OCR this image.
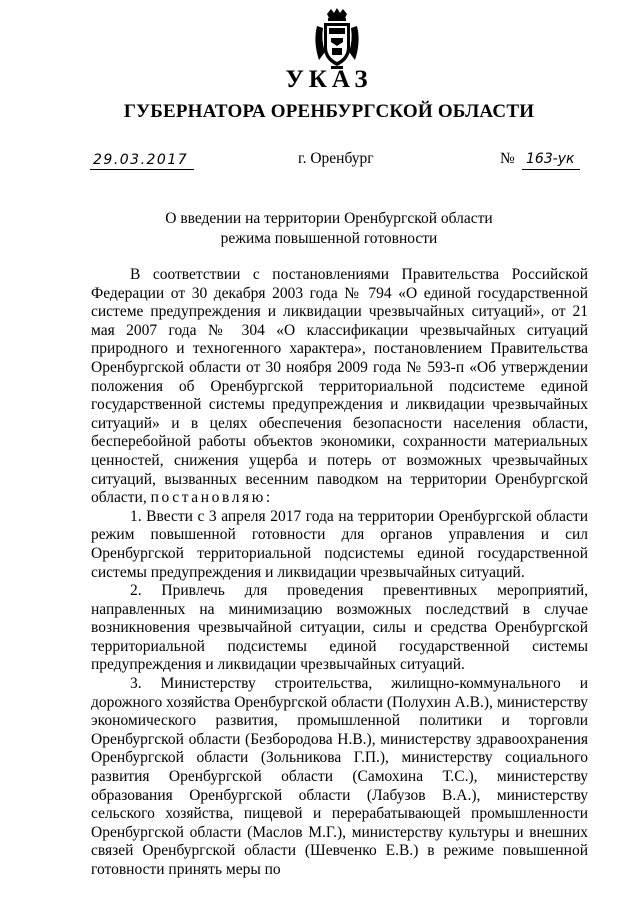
УКАЗ
ГУБЕРНАТОРА ОРЕНБУРГСКОЙ ОБЛАСТИ
29.03.2017	г. Оренбург	№ 163-ук
О введении на территории Оренбургской области
режима повышенной готовности

В соответствии с постановлениями Правительства Российской Федерации от 30 декабря 2003 года № 794 «О единой государственной системе предупреждения и ликвидации чрезвычайных ситуаций», от 21 мая 2007 года № 304 «О классификации чрезвычайных ситуаций природного и техногенного характера», постановлением Правительства Оренбургской области от 30 ноября 2009 года № 593-п «Об утверждении положения об Оренбургской территориальной подсистеме единой государственной системы предупреждения и ликвидации чрезвычайных ситуаций» и в целях обеспечения безопасности населения области, бесперебойной работы объектов экономики, сохранности материальных ценностей, снижения ущерба и потерь от возможных чрезвычайных ситуаций, вызванных весенним паводком на территории Оренбургской области, постановляю:

1. Ввести с 3 апреля 2017 года на территории Оренбургской области режим повышенной готовности для органов управления и сил Оренбургской территориальной подсистемы единой государственной системы предупреждения и ликвидации чрезвычайных ситуаций.

2. Привлечь для проведения превентивных мероприятий, направленных на минимизацию возможных последствий в случае возникновения чрезвычайной ситуации, силы и средства Оренбургской территориальной подсистемы единой государственной системы предупреждения и ликвидации чрезвычайных ситуаций.

3. Министерству строительства, жилищно-коммунального и дорожного хозяйства Оренбургской области (Полухин А.В.), министерству экономического развития, промышленной политики и торговли Оренбургской области (Безбородова Н.В.), министерству здравоохранения Оренбургской области (Зольникова Г.П.), министерству социального развития Оренбургской области (Самохина Т.С.), министерству образования Оренбургской области (Лабузов В.А.), министерству сельского хозяйства, пищевой и перерабатывающей промышленности Оренбургской области (Маслов М.Г.), министерству культуры и внешних связей Оренбургской области (Шевченко Е.В.) в режиме повышенной готовности принять меры по
